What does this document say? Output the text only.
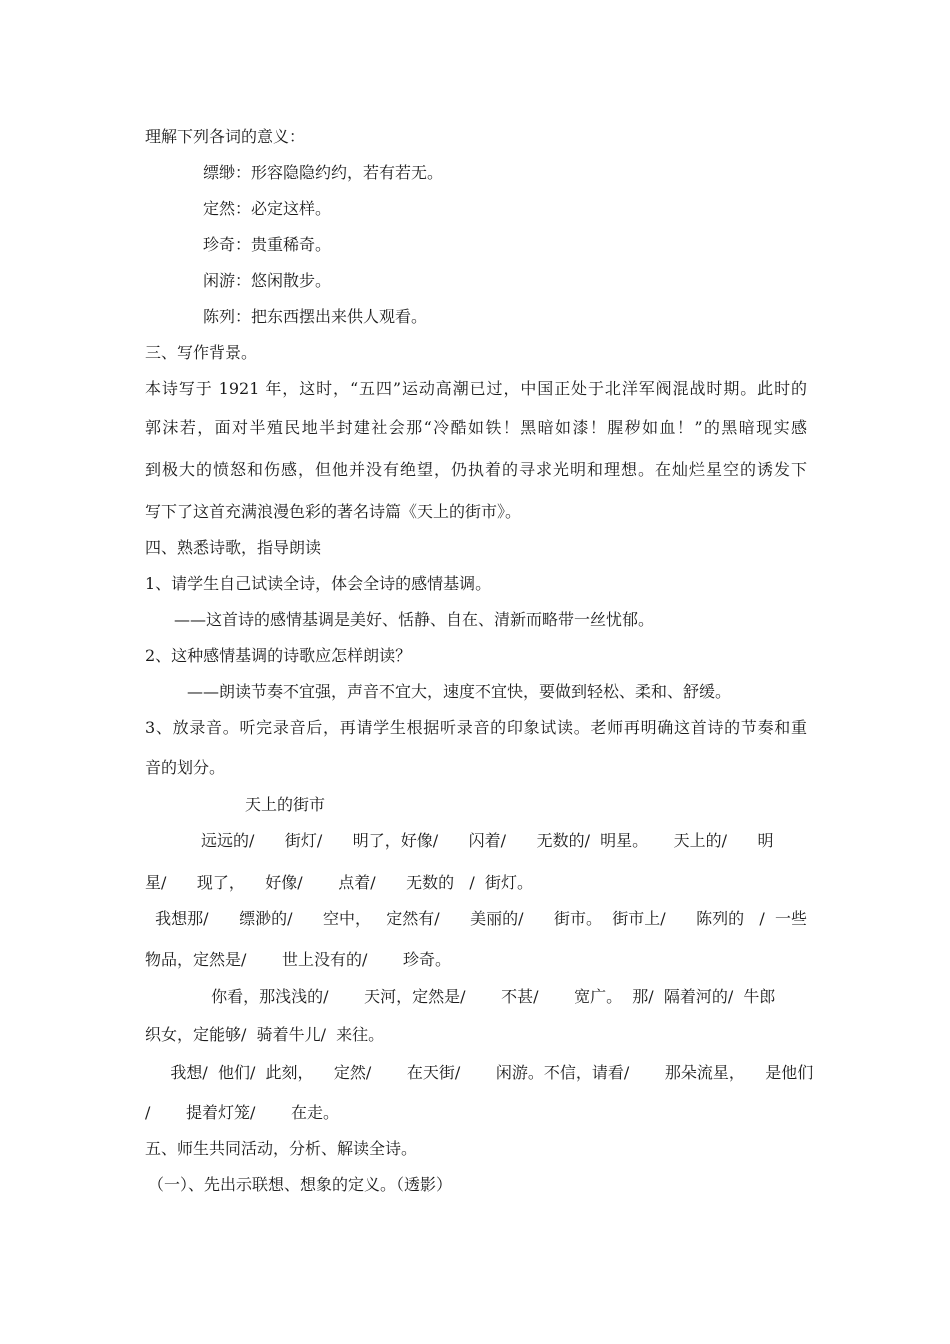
理解下列各词的意义：
缥缈：形容隐隐约约，若有若无。
定然：必定这样。
珍奇：贵重稀奇。
闲游：悠闲散步。
陈列：把东西摆出来供人观看。
三、写作背景。
本诗写于 1921 年，这时，“五四”运动高潮已过，中国正处于北洋军阀混战时期。此时的
郭沫若，面对半殖民地半封建社会那“冷酷如铁！黑暗如漆！腥秽如血！”的黑暗现实感
到极大的愤怒和伤感，但他并没有绝望，仍执着的寻求光明和理想。在灿烂星空的诱发下
写下了这首充满浪漫色彩的著名诗篇《天上的街市》。
四、熟悉诗歌，指导朗读
1、请学生自己试读全诗，体会全诗的感情基调。
——这首诗的感情基调是美好、恬静、自在、清新而略带一丝忧郁。
2、这种感情基调的诗歌应怎样朗读？
——朗读节奏不宜强，声音不宜大，速度不宜快，要做到轻松、柔和、舒缓。
3、放录音。听完录音后，再请学生根据听录音的印象试读。老师再明确这首诗的节奏和重
音的划分。
天上的街市
远远的/      街灯/      明了，好像/      闪着/      无数的/  明星。     天上的/      明
星/      现了，    好像/       点着/      无数的   /  街灯。
我想那/      缥渺的/      空中，   定然有/      美丽的/      街市。  街市上/      陈列的   /  一些
物品，定然是/       世上没有的/       珍奇。
你看，那浅浅的/       天河，定然是/       不甚/       宽广。  那/  隔着河的/  牛郎
织女，定能够/  骑着牛儿/  来往。
我想/  他们/  此刻，    定然/       在天街/       闲游。不信，请看/       那朵流星，    是他们
/       提着灯笼/       在走。
五、师生共同活动，分析、解读全诗。
（一）、先出示联想、想象的定义。（透影）
